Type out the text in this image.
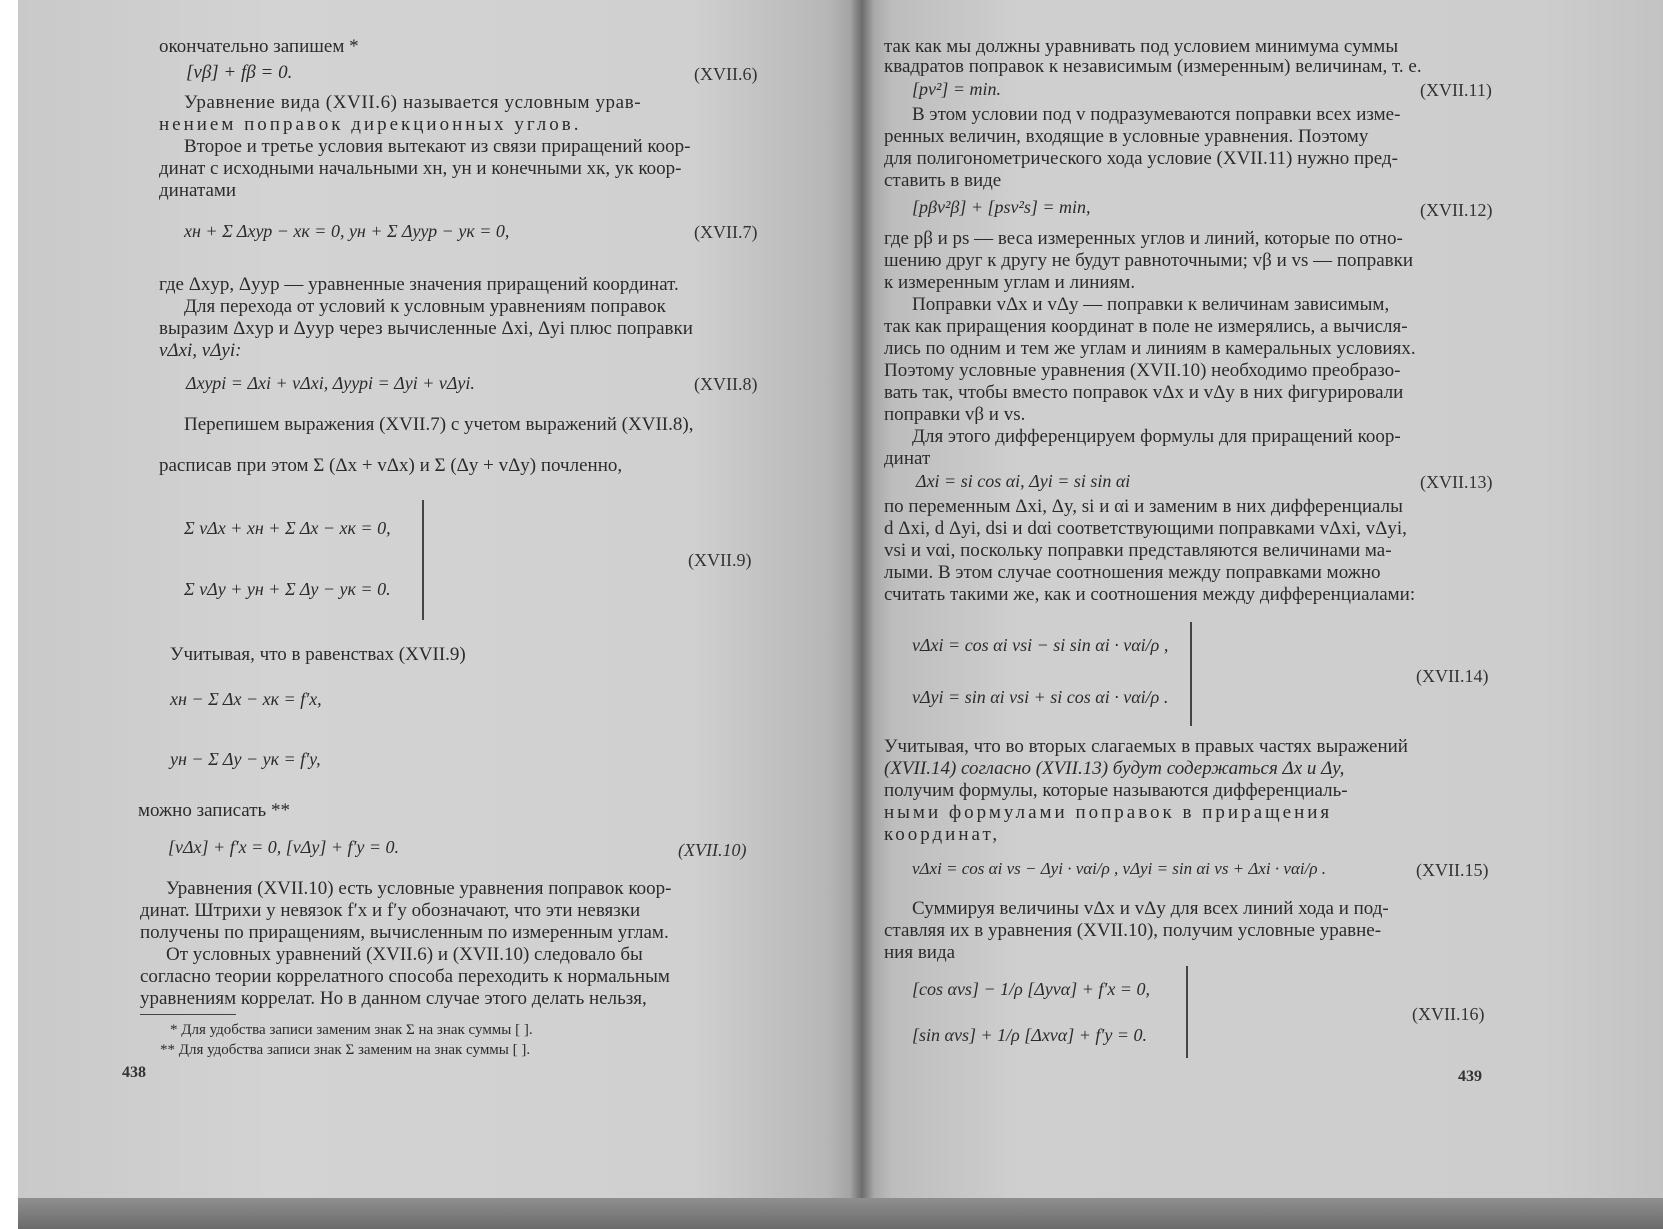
окончательно запишем *
[vβ] + fβ = 0.	(XVII.6)
Уравнение вида (XVII.6) называется условным урав-
нением поправок дирекционных углов.
Второе и третье условия вытекают из связи приращений коор-
динат с исходными начальными xн, yн и конечными xк, yк коор-
динатами
xн + Σ Δxур − xк = 0, yн + Σ Δyур − yк = 0,	(XVII.7)
где Δxур, Δyур — уравненные значения приращений координат.
Для перехода от условий к условным уравнениям поправок
выразим Δxур и Δyур через вычисленные Δxi, Δyi плюс поправки
vΔxi, vΔyi:
Δxурi = Δxi + vΔxi, Δyурi = Δyi + vΔyi.	(XVII.8)
Перепишем выражения (XVII.7) с учетом выражений (XVII.8),
расписав при этом Σ (Δx + vΔx) и Σ (Δy + vΔy) почленно,
Σ vΔx + xн + Σ Δx − xк = 0,
Σ vΔy + yн + Σ Δy − yк = 0.
(XVII.9)
Учитывая, что в равенствах (XVII.9)
xн − Σ Δx − xк = f′x,
yн − Σ Δy − yк = f′y,
можно записать **
[vΔx] + f′x = 0, [vΔy] + f′y = 0.	(XVII.10)
Уравнения (XVII.10) есть условные уравнения поправок коор-
динат. Штрихи у невязок f′x и f′y обозначают, что эти невязки
получены по приращениям, вычисленным по измеренным углам.
От условных уравнений (XVII.6) и (XVII.10) следовало бы
согласно теории коррелатного способа переходить к нормальным
уравнениям коррелат. Но в данном случае этого делать нельзя,
* Для удобства записи заменим знак Σ на знак суммы [ ].
** Для удобства записи знак Σ заменим на знак суммы [ ].
438
так как мы должны уравнивать под условием минимума суммы
квадратов поправок к независимым (измеренным) величинам, т. е.
[pv²] = min.	(XVII.11)
В этом условии под v подразумеваются поправки всех изме-
ренных величин, входящие в условные уравнения. Поэтому
для полигонометрического хода условие (XVII.11) нужно пред-
ставить в виде
[pβv²β] + [psv²s] = min,	(XVII.12)
где pβ и ps — веса измеренных углов и линий, которые по отно-
шению друг к другу не будут равноточными; vβ и vs — поправки
к измеренным углам и линиям.
Поправки vΔx и vΔy — поправки к величинам зависимым,
так как приращения координат в поле не измерялись, а вычисля-
лись по одним и тем же углам и линиям в камеральных условиях.
Поэтому условные уравнения (XVII.10) необходимо преобразо-
вать так, чтобы вместо поправок vΔx и vΔy в них фигурировали
поправки vβ и vs.
Для этого дифференцируем формулы для приращений коор-
динат
Δxi = si cos αi, Δyi = si sin αi	(XVII.13)
по переменным Δxi, Δy, si и αi и заменим в них дифференциалы
d Δxi, d Δyi, dsi и dαi соответствующими поправками vΔxi, vΔyi,
vsi и vαi, поскольку поправки представляются величинами ма-
лыми. В этом случае соотношения между поправками можно
считать такими же, как и соотношения между дифференциалами:
vΔxi = cos αi vsi − si sin αi · vαi/ρ ,
vΔyi = sin αi vsi + si cos αi · vαi/ρ .
(XVII.14)
Учитывая, что во вторых слагаемых в правых частях выражений
(XVII.14) согласно (XVII.13) будут содержаться Δx и Δy,
получим формулы, которые называются дифференциаль-
ными формулами поправок в приращения
координат,
vΔxi = cos αi vs − Δyi · vαi/ρ , vΔyi = sin αi vs + Δxi · vαi/ρ .	(XVII.15)
Суммируя величины vΔx и vΔy для всех линий хода и под-
ставляя их в уравнения (XVII.10), получим условные уравне-
ния вида
[cos αvs] − 1/ρ [Δyvα] + f′x = 0,
[sin αvs] + 1/ρ [Δxvα] + f′y = 0.
(XVII.16)
439
